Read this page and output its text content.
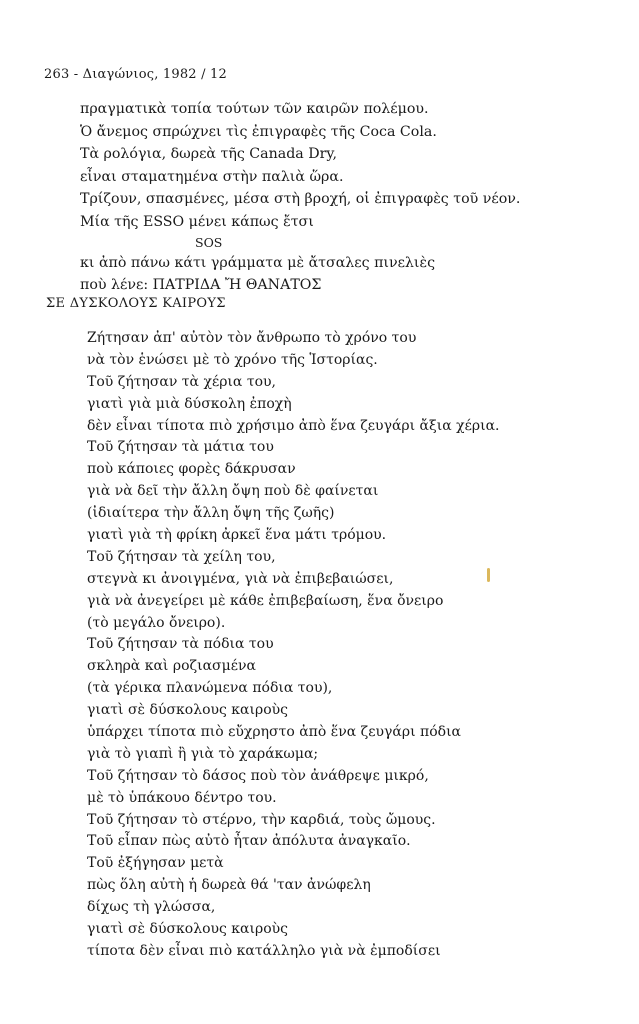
263 - Διαγώνιος, 1982 / 12
πραγματικὰ τοπία τούτων τῶν καιρῶν πολέμου.
Ὁ ἄνεμος σπρώχνει τὶς ἐπιγραφὲς τῆς Coca Cola.
Τὰ ρολόγια, δωρεὰ τῆς Canada Dry,
εἶναι σταματημένα στὴν παλιὰ ὥρα.
Τρίζουν, σπασμένες, μέσα στὴ βροχή, οἱ ἐπιγραφὲς τοῦ νέον.
Μία τῆς ESSO μένει κάπως ἔτσι
SOS
κι ἀπὸ πάνω κάτι γράμματα μὲ ἄτσαλες πινελιὲς
ποὺ λένε: ΠΑΤΡΙΔΑ Ἤ ΘΑΝΑΤΟΣ
ΣΕ ΔΥΣΚΟΛΟΥΣ ΚΑΙΡΟΥΣ
Ζήτησαν ἀπ' αὐτὸν τὸν ἄνθρωπο τὸ χρόνο του
νὰ τὸν ἑνώσει μὲ τὸ χρόνο τῆς Ἱστορίας.
Τοῦ ζήτησαν τὰ χέρια του,
γιατὶ γιὰ μιὰ δύσκολη ἐποχὴ
δὲν εἶναι τίποτα πιὸ χρήσιμο ἀπὸ ἕνα ζευγάρι ἄξια χέρια.
Τοῦ ζήτησαν τὰ μάτια του
ποὺ κάποιες φορὲς δάκρυσαν
γιὰ νὰ δεῖ τὴν ἄλλη ὄψη ποὺ δὲ φαίνεται
(ἰδιαίτερα τὴν ἄλλη ὄψη τῆς ζωῆς)
γιατὶ γιὰ τὴ φρίκη ἀρκεῖ ἕνα μάτι τρόμου.
Τοῦ ζήτησαν τὰ χείλη του,
στεγνὰ κι ἀνοιγμένα, γιὰ νὰ ἐπιβεβαιώσει,
γιὰ νὰ ἀνεγείρει μὲ κάθε ἐπιβεβαίωση, ἕνα ὄνειρο
(τὸ μεγάλο ὄνειρο).
Τοῦ ζήτησαν τὰ πόδια του
σκληρὰ καὶ ροζιασμένα
(τὰ γέρικα πλανώμενα πόδια του),
γιατὶ σὲ δύσκολους καιροὺς
ὑπάρχει τίποτα πιὸ εὔχρηστο ἀπὸ ἕνα ζευγάρι πόδια
γιὰ τὸ γιαπὶ ἢ γιὰ τὸ χαράκωμα;
Τοῦ ζήτησαν τὸ δάσος ποὺ τὸν ἀνάθρεψε μικρό,
μὲ τὸ ὑπάκουο δέντρο του.
Τοῦ ζήτησαν τὸ στέρνο, τὴν καρδιά, τοὺς ὤμους.
Τοῦ εἶπαν πὼς αὐτὸ ἦταν ἀπόλυτα ἀναγκαῖο.
Τοῦ ἐξήγησαν μετὰ
πὼς ὅλη αὐτὴ ἡ δωρεὰ θά 'ταν ἀνώφελη
δίχως τὴ γλώσσα,
γιατὶ σὲ δύσκολους καιροὺς
τίποτα δὲν εἶναι πιὸ κατάλληλο γιὰ νὰ ἐμποδίσει
